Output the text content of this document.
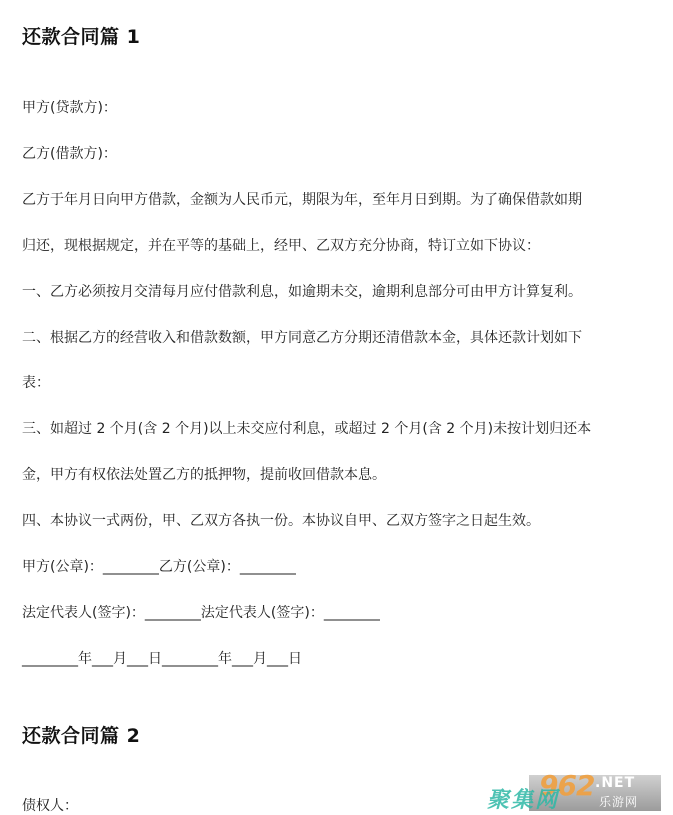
还款合同篇 1
甲方(贷款方)：
乙方(借款方)：
乙方于年月日向甲方借款，金额为人民币元，期限为年，至年月日到期。为了确保借款如期
归还，现根据规定，并在平等的基础上，经甲、乙双方充分协商，特订立如下协议：
一、乙方必须按月交清每月应付借款利息，如逾期未交，逾期利息部分可由甲方计算复利。
二、根据乙方的经营收入和借款数额，甲方同意乙方分期还清借款本金，具体还款计划如下
表：
三、如超过 2 个月(含 2 个月)以上未交应付利息，或超过 2 个月(含 2 个月)未按计划归还本
金，甲方有权依法处置乙方的抵押物，提前收回借款本息。
四、本协议一式两份，甲、乙双方各执一份。本协议自甲、乙双方签字之日起生效。
甲方(公章)：________乙方(公章)：________
法定代表人(签字)：________法定代表人(签字)：________
________年___月___日________年___月___日
还款合同篇 2
债权人：
962 .NET
乐游网
聚集网
